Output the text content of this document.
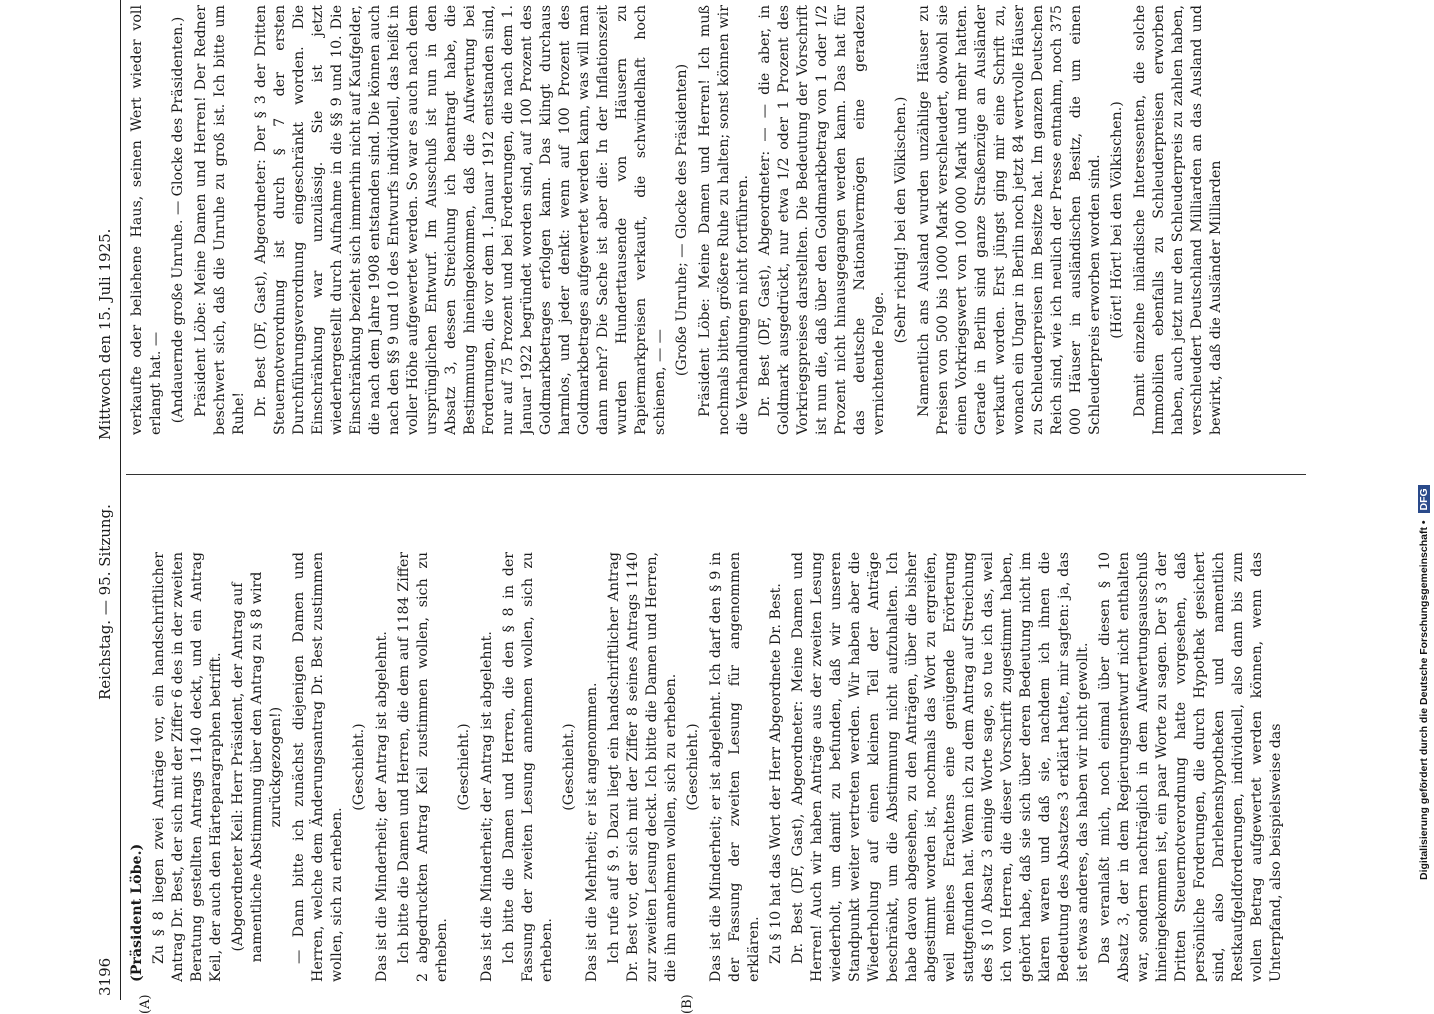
3196
Reichstag. — 95. Sitzung.
Mittwoch den 15. Juli 1925.
(A)	(B)

(Präsident Löbe.) Zu § 8 liegen zwei Anträge vor, ein handschriftlicher Antrag Dr. Best, der sich mit der Ziffer 6 des in der zweiten Beratung gestellten Antrags 1140 deckt, und ein Antrag Keil, der auch den Härteparagraphen betrifft. (Abgeordneter Keil: Herr Präsident, der Antrag auf namentliche Abstimmung über den Antrag zu § 8 wird zurückgezogen!) — Dann bitte ich zunächst diejenigen Damen und Herren, welche dem Änderungsantrag Dr. Best zustimmen wollen, sich zu erheben.

(Geschieht.) Das ist die Minderheit; der Antrag ist abgelehnt. Ich bitte die Damen und Herren, die dem auf 1184 Ziffer 2 abgedruckten Antrag Keil zustimmen wollen, sich zu erheben.

(Geschieht.) Das ist die Minderheit; der Antrag ist abgelehnt. Ich bitte die Damen und Herren, die den § 8 in der Fassung der zweiten Lesung annehmen wollen, sich zu erheben.

(Geschieht.) Das ist die Mehrheit; er ist angenommen. Ich rufe auf § 9. Dazu liegt ein handschriftlicher Antrag Dr. Best vor, der sich mit der Ziffer 8 seines Antrags 1140 zur zweiten Lesung deckt. Ich bitte die Damen und Herren, die ihn annehmen wollen, sich zu erheben. (Geschieht.) Das ist die Minderheit; er ist abgelehnt. Ich darf den § 9 in der Fassung der zweiten Lesung für angenommen erklären. Zu § 10 hat das Wort der Herr Abgeordnete Dr. Best. Dr. Best (DF, Gast), Abgeordneter: Meine Damen und Herren! Auch wir haben Anträge aus der zweiten Lesung wiederholt, um damit zu befunden, daß wir unseren Standpunkt weiter vertreten werden. Wir haben aber die Wiederholung auf einen kleinen Teil der Anträge beschränkt, um die Abstimmung nicht aufzuhalten. Ich habe davon abgesehen, zu den Anträgen, über die bisher abgestimmt worden ist, nochmals das Wort zu ergreifen, weil meines Erachtens eine genügende Erörterung stattgefunden hat. Wenn ich zu dem Antrag auf Streichung des § 10 Absatz 3 einige Worte sage, so tue ich das, weil ich von Herren, die dieser Vorschrift zugestimmt haben, gehört habe, daß sie sich über deren Bedeutung nicht im klaren waren und daß sie, nachdem ich ihnen die Bedeutung des Absatzes 3 erklärt hatte, mir sagten: ja, das ist etwas anderes, das haben wir nicht gewollt. Das veranlaßt mich, noch einmal über diesen § 10 Absatz 3, der in dem Regierungsentwurf nicht enthalten war, sondern nachträglich in dem Aufwertungsausschuß hineingekommen ist, ein paar Worte zu sagen. Der § 3 der Dritten Steuernotverordnung hatte vorgesehen, daß persönliche Forderungen, die durch Hypothek gesichert sind, also Darlehenshypotheken und namentlich Restkaufgeldforderungen, individuell, also dann bis zum vollen Betrag aufgewertet werden können, wenn das Unterpfand, also beispielsweise das

verkaufte oder beliehene Haus, seinen Wert wieder voll erlangt hat. — (Andauernde große Unruhe. — Glocke des Präsidenten.) Präsident Löbe: Meine Damen und Herren! Der Redner beschwert sich, daß die Unruhe zu groß ist. Ich bitte um Ruhe! Dr. Best (DF, Gast), Abgeordneter: Der § 3 der Dritten Steuernotverordnung ist durch § 7 der ersten Durchführungsverordnung eingeschränkt worden. Die Einschränkung war unzulässig. Sie ist jetzt wiederhergestellt durch Aufnahme in die §§ 9 und 10. Die Einschränkung bezieht sich immerhin nicht auf Kaufgelder, die nach dem Jahre 1908 entstanden sind. Die können auch nach den §§ 9 und 10 des Entwurfs individuell, das heißt in voller Höhe aufgewertet werden. So war es auch nach dem ursprünglichen Entwurf. Im Ausschuß ist nun in den Absatz 3, dessen Streichung ich beantragt habe, die Bestimmung hineingekommen, daß die Aufwertung bei Forderungen, die vor dem 1. Januar 1912 entstanden sind, nur auf 75 Prozent und bei Forderungen, die nach dem 1. Januar 1922 begründet worden sind, auf 100 Prozent des Goldmarkbetrages erfolgen kann. Das klingt durchaus harmlos, und jeder denkt: wenn auf 100 Prozent des Goldmarkbetrages aufgewertet werden kann, was will man dann mehr? Die Sache ist aber die: In der Inflationszeit wurden Hunderttausende von Häusern zu Papiermarkpreisen verkauft, die schwindelhaft hoch schienen, — —

(Große Unruhe; — Glocke des Präsidenten) Präsident Löbe: Meine Damen und Herren! Ich muß nochmals bitten, größere Ruhe zu halten; sonst können wir die Verhandlungen nicht fortführen. Dr. Best (DF, Gast), Abgeordneter: — — die aber, in Goldmark ausgedrückt, nur etwa 1/2 oder 1 Prozent des Vorkriegspreises darstellten. Die Bedeutung der Vorschrift ist nun die, daß über den Goldmarkbetrag von 1 oder 1/2 Prozent nicht hinausgegangen werden kann. Das hat für das deutsche Nationalvermögen eine geradezu vernichtende Folge.

(Sehr richtig! bei den Völkischen.) Namentlich ans Ausland wurden unzählige Häuser zu Preisen von 500 bis 1000 Mark verschleudert, obwohl sie einen Vorkriegswert von 100 000 Mark und mehr hatten. Gerade in Berlin sind ganze Straßenzüge an Ausländer verkauft worden. Erst jüngst ging mir eine Schrift zu, wonach ein Ungar in Berlin noch jetzt 84 wertvolle Häuser zu Schleuderpreisen im Besitze hat. Im ganzen Deutschen Reich sind, wie ich neulich der Presse entnahm, noch 375 000 Häuser in ausländischen Besitz, die um einen Schleuderpreis erworben worden sind. (Hört! Hört! bei den Völkischen.) Damit einzelne inländische Interessenten, die solche Immobilien ebenfalls zu Schleuderpreisen erworben haben, auch jetzt nur den Schleuderpreis zu zahlen haben, verschleudert Deutschland Milliarden an das Ausland und bewirkt, daß die Ausländer Milliarden

Digitalisierung gefördert durch die Deutsche Forschungsgemeinschaft • DFG
